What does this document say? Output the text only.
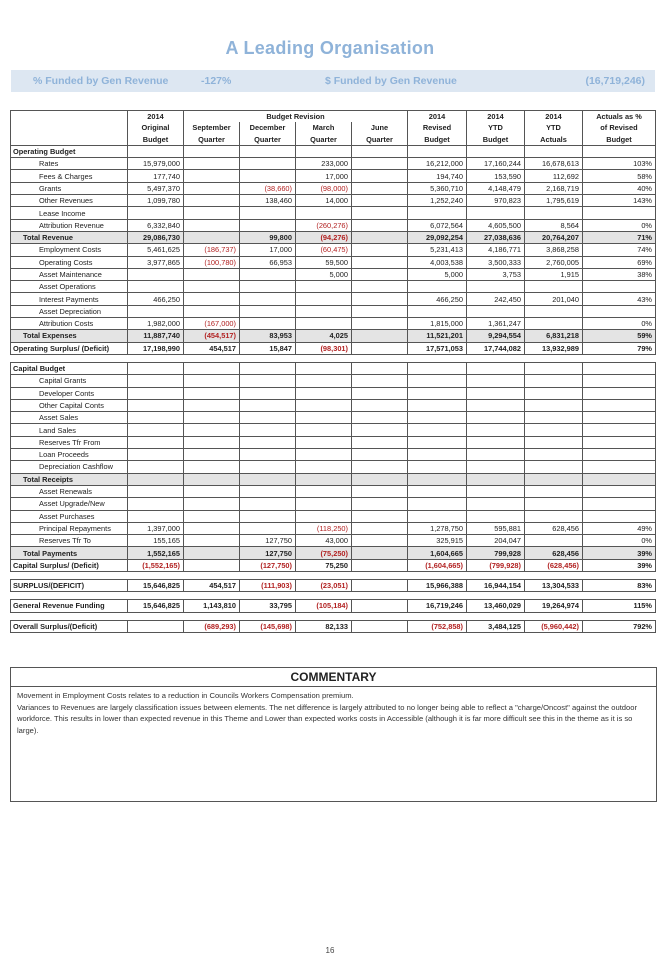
A Leading Organisation
% Funded by Gen Revenue	-127%	$ Funded by Gen Revenue	(16,719,246)
	2014	Budget Revision				2014	2014	2014	Actuals as %
	Original	September	December	March	June	Revised	YTD	YTD	of Revised
	Budget	Quarter	Quarter	Quarter	Quarter	Budget	Budget	Actuals	Budget
Operating Budget									
Rates	15,979,000			233,000		16,212,000	17,160,244	16,678,613	103%
Fees & Charges	177,740			17,000		194,740	153,590	112,692	58%
Grants	5,497,370		(38,660)	(98,000)		5,360,710	4,148,479	2,168,719	40%
Other Revenues	1,099,780		138,460	14,000		1,252,240	970,823	1,795,619	143%
Lease Income									
Attribution Revenue	6,332,840			(260,276)		6,072,564	4,605,500	8,564	0%
Total Revenue	29,086,730		99,800	(94,276)		29,092,254	27,038,636	20,764,207	71%
Employment Costs	5,461,625	(186,737)	17,000	(60,475)		5,231,413	4,186,771	3,868,258	74%
Operating Costs	3,977,865	(100,780)	66,953	59,500		4,003,538	3,500,333	2,760,005	69%
Asset Maintenance				5,000		5,000	3,753	1,915	38%
Asset Operations									
Interest Payments	466,250					466,250	242,450	201,040	43%
Asset Depreciation									
Attribution Costs	1,982,000	(167,000)				1,815,000	1,361,247		0%
Total Expenses	11,887,740	(454,517)	83,953	4,025		11,521,201	9,294,554	6,831,218	59%
Operating Surplus/ (Deficit)	17,198,990	454,517	15,847	(98,301)		17,571,053	17,744,082	13,932,989	79%

Capital Budget									
Capital Grants									
Developer Conts									
Other Capital Conts									
Asset Sales									
Land Sales									
Reserves Tfr From									
Loan Proceeds									
Depreciation Cashflow									
Total Receipts									
Asset Renewals									
Asset Upgrade/New									
Asset Purchases									
Principal Repayments	1,397,000			(118,250)		1,278,750	595,881	628,456	49%
Reserves Tfr To	155,165		127,750	43,000		325,915	204,047		0%
Total Payments	1,552,165		127,750	(75,250)		1,604,665	799,928	628,456	39%
Capital Surplus/ (Deficit)	(1,552,165)		(127,750)	75,250		(1,604,665)	(799,928)	(628,456)	39%

SURPLUS/(DEFICIT)	15,646,825	454,517	(111,903)	(23,051)		15,966,388	16,944,154	13,304,533	83%

General Revenue Funding	15,646,825	1,143,810	33,795	(105,184)		16,719,246	13,460,029	19,264,974	115%

Overall Surplus/(Deficit)		(689,293)	(145,698)	82,133		(752,858)	3,484,125	(5,960,442)	792%
COMMENTARY
Movement in Employment Costs relates to a reduction in Councils Workers Compensation premium.
Variances to Revenues are largely classification issues between elements. The net difference is largely attributed to no longer being able to reflect a "charge/Oncost" against the outdoor workforce. This results in lower than expected revenue in this Theme and Lower than expected works costs in Accessible (although it is far more difficult see this in the theme as it is so large).
16
